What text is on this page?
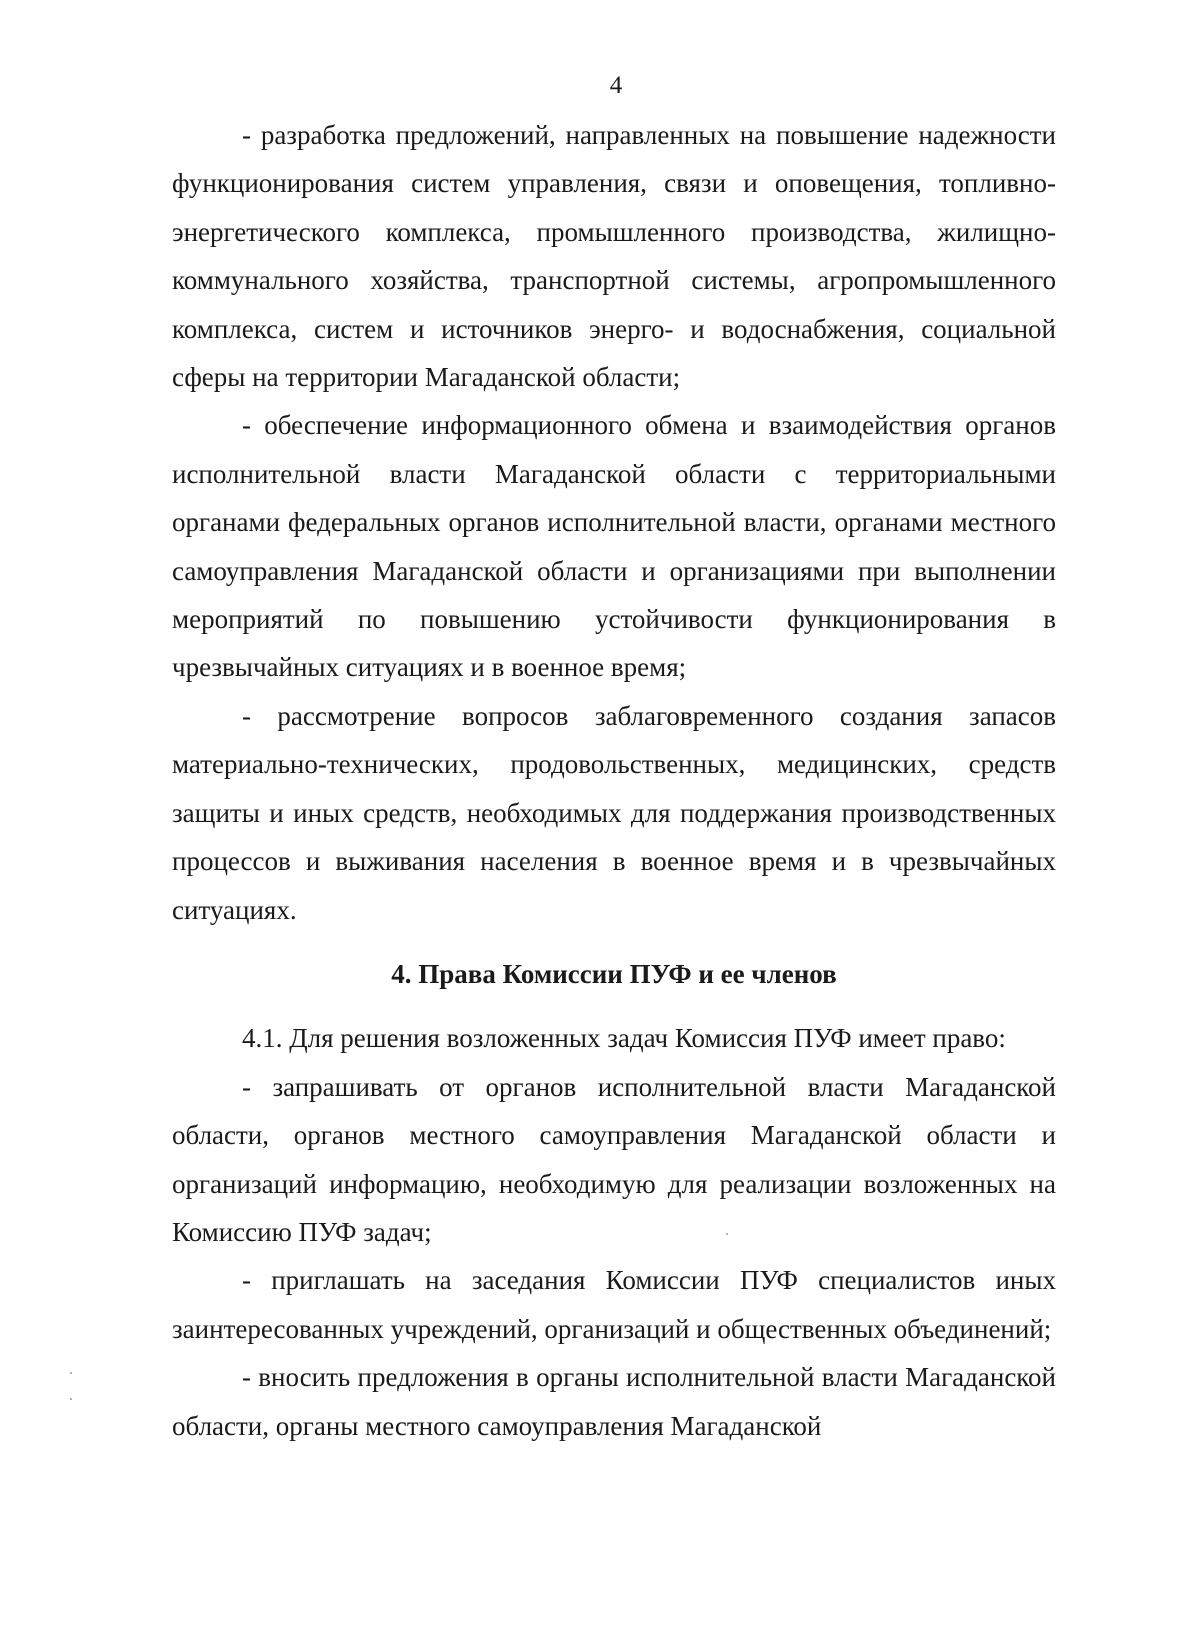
4

- разработка предложений, направленных на повышение надежности функционирования систем управления, связи и оповещения, топливно-энергетического комплекса, промышленного производства, жилищно-коммунального хозяйства, транспортной системы, агропромышленного комплекса, систем и источников энерго- и водоснабжения, социальной сферы на территории Магаданской области;

- обеспечение информационного обмена и взаимодействия органов исполнительной власти Магаданской области с территориальными органами федеральных органов исполнительной власти, органами местного самоуправления Магаданской области и организациями при выполнении мероприятий по повышению устойчивости функционирования в чрезвычайных ситуациях и в военное время;

- рассмотрение вопросов заблаговременного создания запасов материально-технических, продовольственных, медицинских, средств защиты и иных средств, необходимых для поддержания производственных процессов и выживания населения в военное время и в чрезвычайных ситуациях.

4. Права Комиссии ПУФ и ее членов

4.1. Для решения возложенных задач Комиссия ПУФ имеет право:

- запрашивать от органов исполнительной власти Магаданской области, органов местного самоуправления Магаданской области и организаций информацию, необходимую для реализации возложенных на Комиссию ПУФ задач;

- приглашать на заседания Комиссии ПУФ специалистов иных заинтересованных учреждений, организаций и общественных объединений;

- вносить предложения в органы исполнительной власти Магаданской области, органы местного самоуправления Магаданской
